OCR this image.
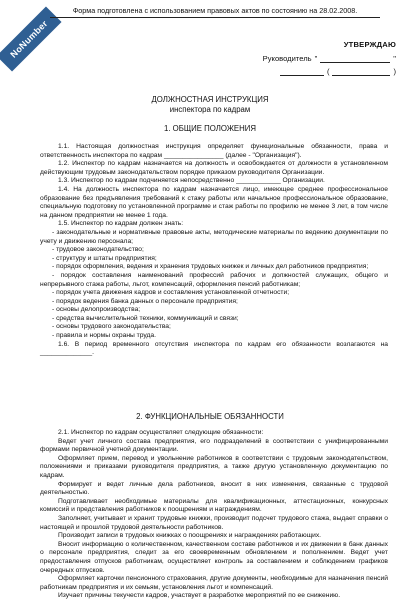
NoNumber
Форма подготовлена с использованием правовых актов по состоянию на 28.02.2008.
УТВЕРЖДАЮ
Руководитель "	"
(	)
ДОЛЖНОСТНАЯ ИНСТРУКЦИЯ
инспектора по кадрам
1. ОБЩИЕ ПОЛОЖЕНИЯ

1.1. Настоящая должностная инструкция определяет функциональные обязанности, права и ответственность инспектора по кадрам ________________ (далее - "Организация").

1.2. Инспектор по кадрам назначается на должность и освобождается от должности в установленном действующим трудовым законодательством порядке приказом руководителя Организации.

1.3. Инспектор по кадрам подчиняется непосредственно ____________ Организации.

1.4. На должность инспектора по кадрам назначается лицо, имеющее среднее профессиональное образование без предъявления требований к стажу работы или начальное профессиональное образование, специальную подготовку по установленной программе и стаж работы по профилю не менее 3 лет, в том числе на данном предприятии не менее 1 года.

1.5. Инспектор по кадрам должен знать:

- законодательные и нормативные правовые акты, методические материалы по ведению документации по учету и движению персонала;

- трудовое законодательство;

- структуру и штаты предприятия;

- порядок оформления, ведения и хранения трудовых книжек и личных дел работников предприятия;

- порядок составления наименований профессий рабочих и должностей служащих, общего и непрерывного стажа работы, льгот, компенсаций, оформления пенсий работникам;

- порядок учета движения кадров и составления установленной отчетности;

- порядок ведения банка данных о персонале предприятия;

- основы делопроизводства;

- средства вычислительной техники, коммуникаций и связи;

- основы трудового законодательства;

- правила и нормы охраны труда.

1.6. В период временного отсутствия инспектора по кадрам его обязанности возлагаются на ______________.

2. ФУНКЦИОНАЛЬНЫЕ ОБЯЗАННОСТИ

2.1. Инспектор по кадрам осуществляет следующие обязанности:

Ведет учет личного состава предприятия, его подразделений в соответствии с унифицированными формами первичной учетной документации.

Оформляет прием, перевод и увольнение работников в соответствии с трудовым законодательством, положениями и приказами руководителя предприятия, а также другую установленную документацию по кадрам.

Формирует и ведет личные дела работников, вносит в них изменения, связанные с трудовой деятельностью.

Подготавливает необходимые материалы для квалификационных, аттестационных, конкурсных комиссий и представления работников к поощрениям и награждениям.

Заполняет, учитывает и хранит трудовые книжки, производит подсчет трудового стажа, выдает справки о настоящей и прошлой трудовой деятельности работников.

Производит записи в трудовых книжках о поощрениях и награждениях работающих.

Вносит информацию о количественном, качественном составе работников и их движении в банк данных о персонале предприятия, следит за его своевременным обновлением и пополнением. Ведет учет предоставления отпусков работникам, осуществляет контроль за составлением и соблюдением графиков очередных отпусков.

Оформляет карточки пенсионного страхования, другие документы, необходимые для назначения пенсий работникам предприятия и их семьям, установления льгот и компенсаций.

Изучает причины текучести кадров, участвует в разработке мероприятий по ее снижению.
